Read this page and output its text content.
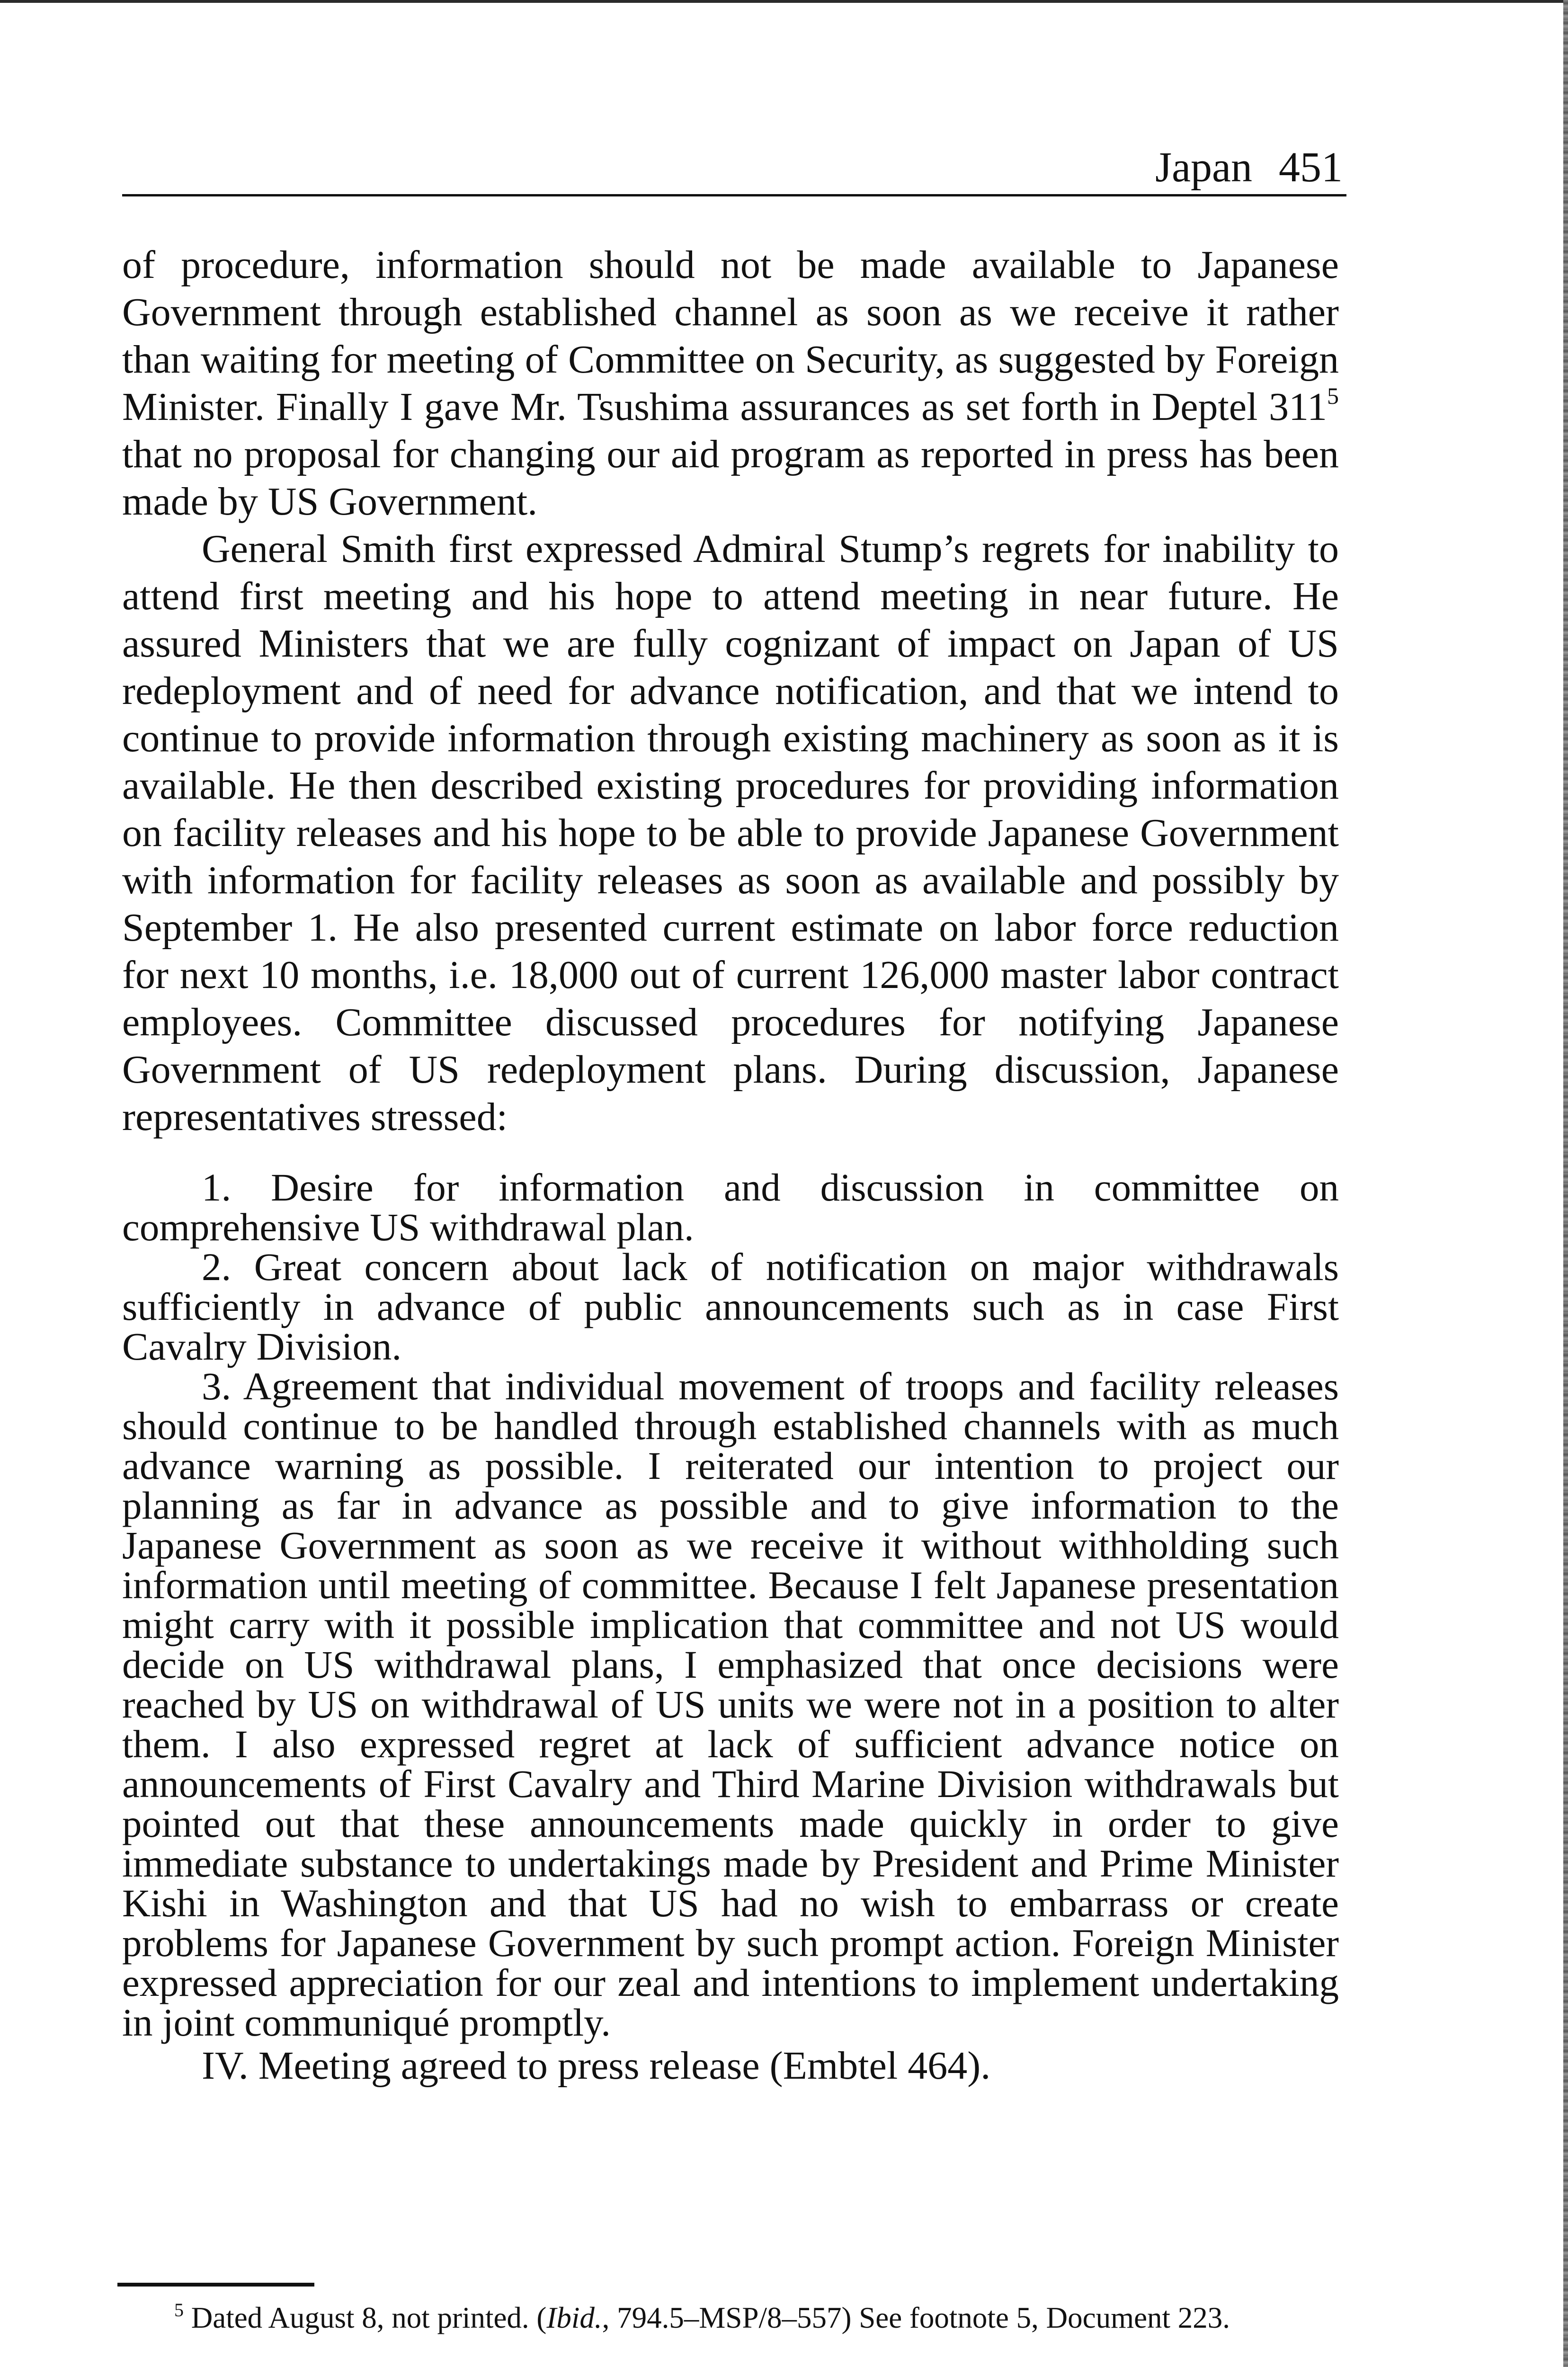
Japan 451

of procedure, information should not be made available to Japanese Government through established channel as soon as we receive it rather than waiting for meeting of Committee on Security, as suggested by Foreign Minister. Finally I gave Mr. Tsushima assurances as set forth in Deptel $311^5$ that no proposal for changing our aid program as reported in press has been made by US Government.

General Smith first expressed Admiral Stump’s regrets for inability to attend first meeting and his hope to attend meeting in near future. He assured Ministers that we are fully cognizant of impact on Japan of US redeployment and of need for advance notification, and that we intend to continue to provide information through existing machinery as soon as it is available. He then described existing procedures for providing information on facility releases and his hope to be able to provide Japanese Government with information for facility releases as soon as available and possibly by September 1. He also presented current estimate on labor force reduction for next 10 months, i.e. 18,000 out of current 126,000 master labor contract employees. Committee discussed procedures for notifying Japanese Government of US redeployment plans. During discussion, Japanese representatives stressed:

1. Desire for information and discussion in committee on comprehensive US withdrawal plan.

2. Great concern about lack of notification on major withdrawals sufficiently in advance of public announcements such as in case First Cavalry Division.

3. Agreement that individual movement of troops and facility releases should continue to be handled through established channels with as much advance warning as possible. I reiterated our intention to project our planning as far in advance as possible and to give information to the Japanese Government as soon as we receive it without withholding such information until meeting of committee. Because I felt Japanese presentation might carry with it possible implication that committee and not US would decide on US withdrawal plans, I emphasized that once decisions were reached by US on withdrawal of US units we were not in a position to alter them. I also expressed regret at lack of sufficient advance notice on announcements of First Cavalry and Third Marine Division withdrawals but pointed out that these announcements made quickly in order to give immediate substance to undertakings made by President and Prime Minister Kishi in Washington and that US had no wish to embarrass or create problems for Japanese Government by such prompt action. Foreign Minister expressed appreciation for our zeal and intentions to implement undertaking in joint communiqué promptly.

IV. Meeting agreed to press release (Embtel 464).

$^5$ Dated August 8, not printed. (Ibid., 794.5–MSP/8–557) See footnote 5, Document 223.
